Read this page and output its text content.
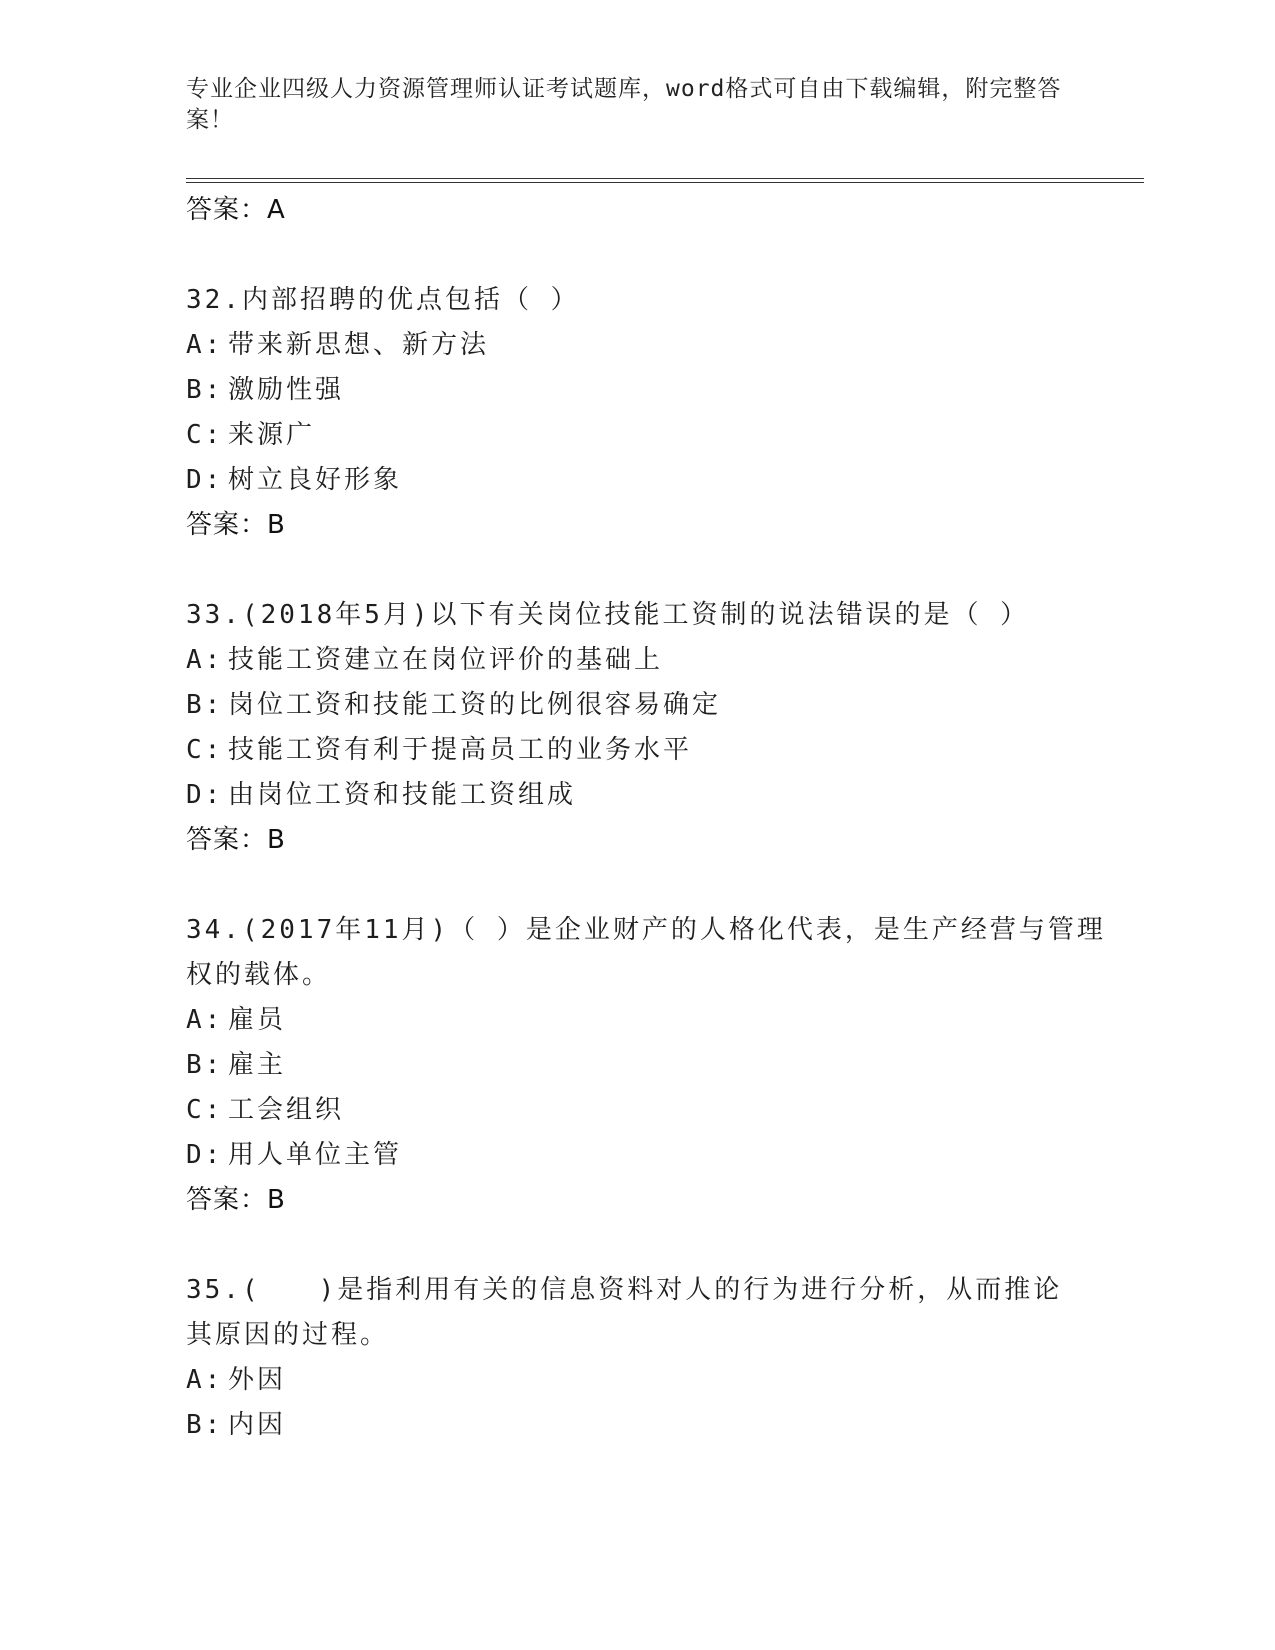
专业企业四级人力资源管理师认证考试题库，word格式可自由下载编辑，附完整答案！
答案：A
32.内部招聘的优点包括（ ）
A: 带来新思想、新方法
B: 激励性强
C: 来源广
D: 树立良好形象
答案：B
33.(2018年5月)以下有关岗位技能工资制的说法错误的是（ ）
A: 技能工资建立在岗位评价的基础上
B: 岗位工资和技能工资的比例很容易确定
C: 技能工资有利于提高员工的业务水平
D: 由岗位工资和技能工资组成
答案：B
34.(2017年11月)（ ）是企业财产的人格化代表，是生产经营与管理
权的载体。
A: 雇员
B: 雇主
C: 工会组织
D: 用人单位主管
答案：B
35.(　　)是指利用有关的信息资料对人的行为进行分析，从而推论
其原因的过程。
A: 外因
B: 内因
